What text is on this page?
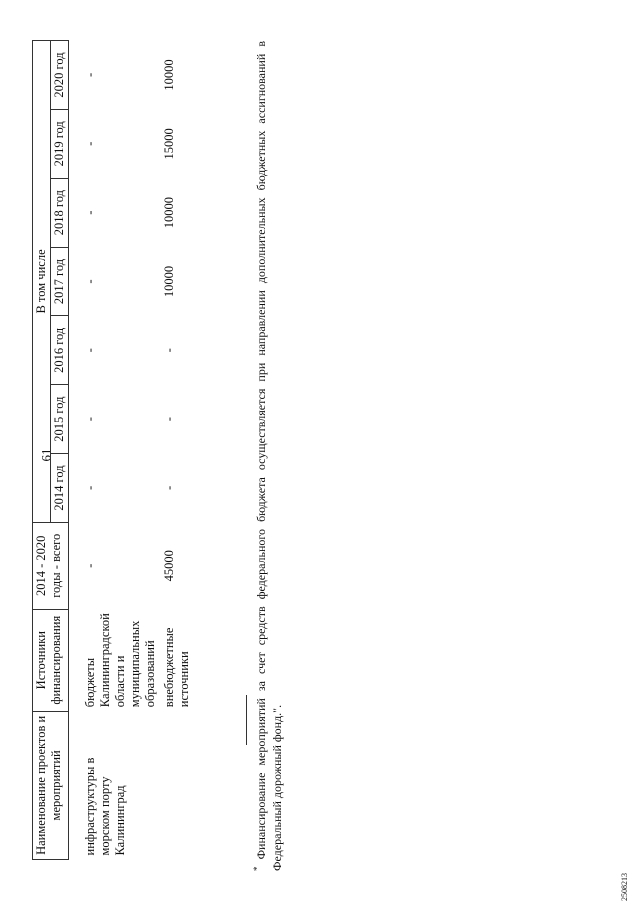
61
Наименование проектов и мероприятий	Источники финансирования	2014 - 2020 годы - всего	В том числе						
			2014 год	2015 год	2016 год	2017 год	2018 год	2019 год	2020 год
инфраструктуры в морском порту Калининград	бюджеты Калининградской области и муниципальных образований	-	-	-	-	-	-	-	-
	внебюджетные источники	45000	-	-	-	10000	10000	15000	10000
* Финансирование мероприятий за счет средств федерального бюджета осуществляется при направлении дополнительных бюджетных ассигнований в Федеральный дорожный фонд.".
2508213
